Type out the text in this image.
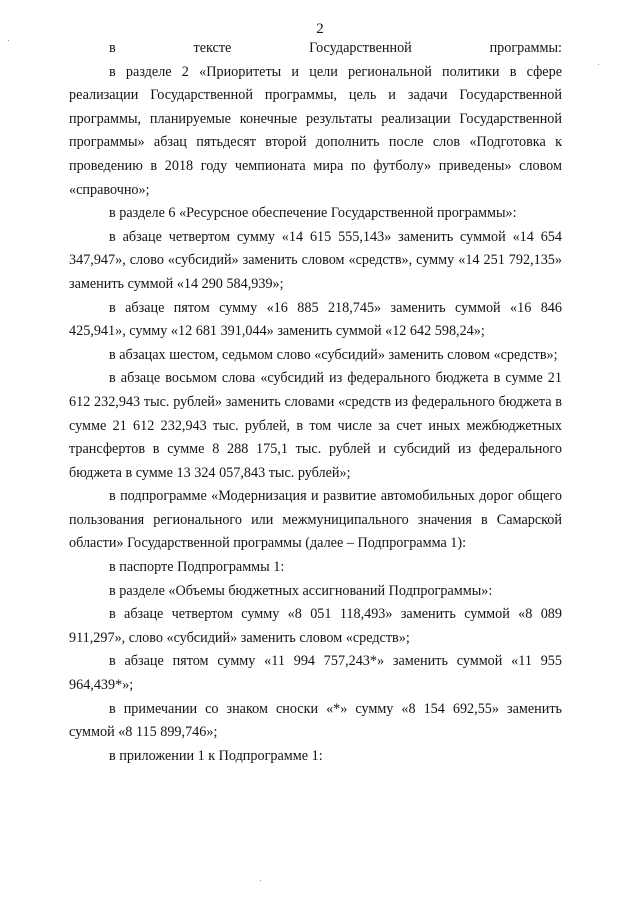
2

в тексте Государственной программы:

в разделе 2 «Приоритеты и цели региональной политики в сфере реализации Государственной программы, цель и задачи Государственной программы, планируемые конечные результаты реализации Государственной программы» абзац пятьдесят второй дополнить после слов «Подготовка к проведению в 2018 году чемпионата мира по футболу» приведены» словом «справочно»;

в разделе 6 «Ресурсное обеспечение Государственной программы»:

в абзаце четвертом сумму «14 615 555,143» заменить суммой «14 654 347,947», слово «субсидий» заменить словом «средств», сумму «14 251 792,135» заменить суммой «14 290 584,939»;

в абзаце пятом сумму «16 885 218,745» заменить суммой «16 846 425,941», сумму «12 681 391,044» заменить суммой «12 642 598,24»;

в абзацах шестом, седьмом слово «субсидий» заменить словом «средств»;

в абзаце восьмом слова «субсидий из федерального бюджета в сумме 21 612 232,943 тыс. рублей» заменить словами «средств из федерального бюджета в сумме 21 612 232,943 тыс. рублей, в том числе за счет иных межбюджетных трансфертов в сумме 8 288 175,1 тыс. рублей и субсидий из федерального бюджета в сумме 13 324 057,843 тыс. рублей»;

в подпрограмме «Модернизация и развитие автомобильных дорог общего пользования регионального или межмуниципального значения в Самарской области» Государственной программы (далее – Подпрограмма 1):

в паспорте Подпрограммы 1:

в разделе «Объемы бюджетных ассигнований Подпрограммы»:

в абзаце четвертом сумму «8 051 118,493» заменить суммой «8 089 911,297», слово «субсидий» заменить словом «средств»;

в абзаце пятом сумму «11 994 757,243*» заменить суммой «11 955 964,439*»;

в примечании со знаком сноски «*» сумму «8 154 692,55» заменить суммой «8 115 899,746»;

в приложении 1 к Подпрограмме 1:
